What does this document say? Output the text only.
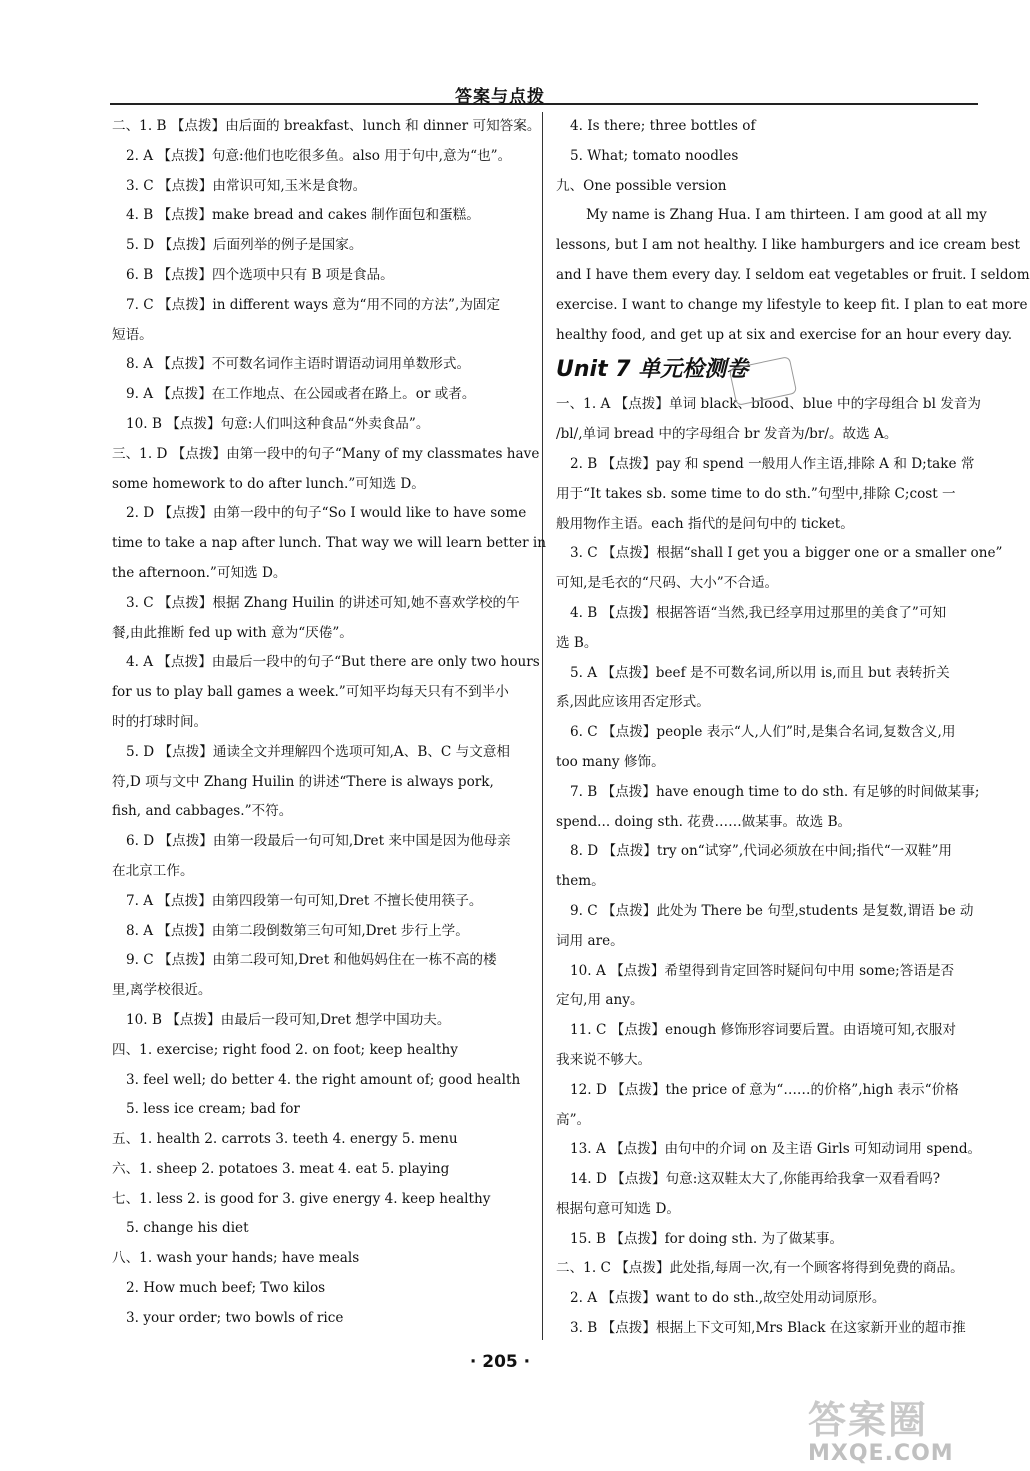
答案与点拨
二、1. B 【点拨】由后面的 breakfast、lunch 和 dinner 可知答案。
2. A 【点拨】句意:他们也吃很多鱼。also 用于句中,意为“也”。
3. C 【点拨】由常识可知,玉米是食物。
4. B 【点拨】make bread and cakes 制作面包和蛋糕。
5. D 【点拨】后面列举的例子是国家。
6. B 【点拨】四个选项中只有 B 项是食品。
7. C 【点拨】in different ways 意为“用不同的方法”,为固定
短语。
8. A 【点拨】不可数名词作主语时谓语动词用单数形式。
9. A 【点拨】在工作地点、在公园或者在路上。or 或者。
10. B 【点拨】句意:人们叫这种食品“外卖食品”。
三、1. D 【点拨】由第一段中的句子“Many of my classmates have
some homework to do after lunch.”可知选 D。
2. D 【点拨】由第一段中的句子“So I would like to have some
time to take a nap after lunch. That way we will learn better in
the afternoon.”可知选 D。
3. C 【点拨】根据 Zhang Huilin 的讲述可知,她不喜欢学校的午
餐,由此推断 fed up with 意为“厌倦”。
4. A 【点拨】由最后一段中的句子“But there are only two hours
for us to play ball games a week.”可知平均每天只有不到半小
时的打球时间。
5. D 【点拨】通读全文并理解四个选项可知,A、B、C 与文意相
符,D 项与文中 Zhang Huilin 的讲述“There is always pork,
fish, and cabbages.”不符。
6. D 【点拨】由第一段最后一句可知,Dret 来中国是因为他母亲
在北京工作。
7. A 【点拨】由第四段第一句可知,Dret 不擅长使用筷子。
8. A 【点拨】由第二段倒数第三句可知,Dret 步行上学。
9. C 【点拨】由第二段可知,Dret 和他妈妈住在一栋不高的楼
里,离学校很近。
10. B 【点拨】由最后一段可知,Dret 想学中国功夫。
四、1. exercise; right food 2. on foot; keep healthy
3. feel well; do better 4. the right amount of; good health
5. less ice cream; bad for
五、1. health 2. carrots 3. teeth 4. energy 5. menu
六、1. sheep 2. potatoes 3. meat 4. eat 5. playing
七、1. less 2. is good for 3. give energy 4. keep healthy
5. change his diet
八、1. wash your hands; have meals
2. How much beef; Two kilos
3. your order; two bowls of rice
4. Is there; three bottles of
5. What; tomato noodles
九、One possible version
My name is Zhang Hua. I am thirteen. I am good at all my
lessons, but I am not healthy. I like hamburgers and ice cream best
and I have them every day. I seldom eat vegetables or fruit. I seldom
exercise. I want to change my lifestyle to keep fit. I plan to eat more
healthy food, and get up at six and exercise for an hour every day.
Unit 7 单元检测卷
一、1. A 【点拨】单词 black、blood、blue 中的字母组合 bl 发音为
/bl/,单词 bread 中的字母组合 br 发音为/br/。故选 A。
2. B 【点拨】pay 和 spend 一般用人作主语,排除 A 和 D;take 常
用于“It takes sb. some time to do sth.”句型中,排除 C;cost 一
般用物作主语。each 指代的是问句中的 ticket。
3. C 【点拨】根据“shall I get you a bigger one or a smaller one”
可知,是毛衣的“尺码、大小”不合适。
4. B 【点拨】根据答语“当然,我已经享用过那里的美食了”可知
选 B。
5. A 【点拨】beef 是不可数名词,所以用 is,而且 but 表转折关
系,因此应该用否定形式。
6. C 【点拨】people 表示“人,人们”时,是集合名词,复数含义,用
too many 修饰。
7. B 【点拨】have enough time to do sth. 有足够的时间做某事;
spend... doing sth. 花费……做某事。故选 B。
8. D 【点拨】try on“试穿”,代词必须放在中间;指代“一双鞋”用
them。
9. C 【点拨】此处为 There be 句型,students 是复数,谓语 be 动
词用 are。
10. A 【点拨】希望得到肯定回答时疑问句中用 some;答语是否
定句,用 any。
11. C 【点拨】enough 修饰形容词要后置。由语境可知,衣服对
我来说不够大。
12. D 【点拨】the price of 意为“……的价格”,high 表示“价格
高”。
13. A 【点拨】由句中的介词 on 及主语 Girls 可知动词用 spend。
14. D 【点拨】句意:这双鞋太大了,你能再给我拿一双看看吗?
根据句意可知选 D。
15. B 【点拨】for doing sth. 为了做某事。
二、1. C 【点拨】此处指,每周一次,有一个顾客将得到免费的商品。
2. A 【点拨】want to do sth.,故空处用动词原形。
3. B 【点拨】根据上下文可知,Mrs Black 在这家新开业的超市推
· 205 ·
答案圈
MXQE.COM
